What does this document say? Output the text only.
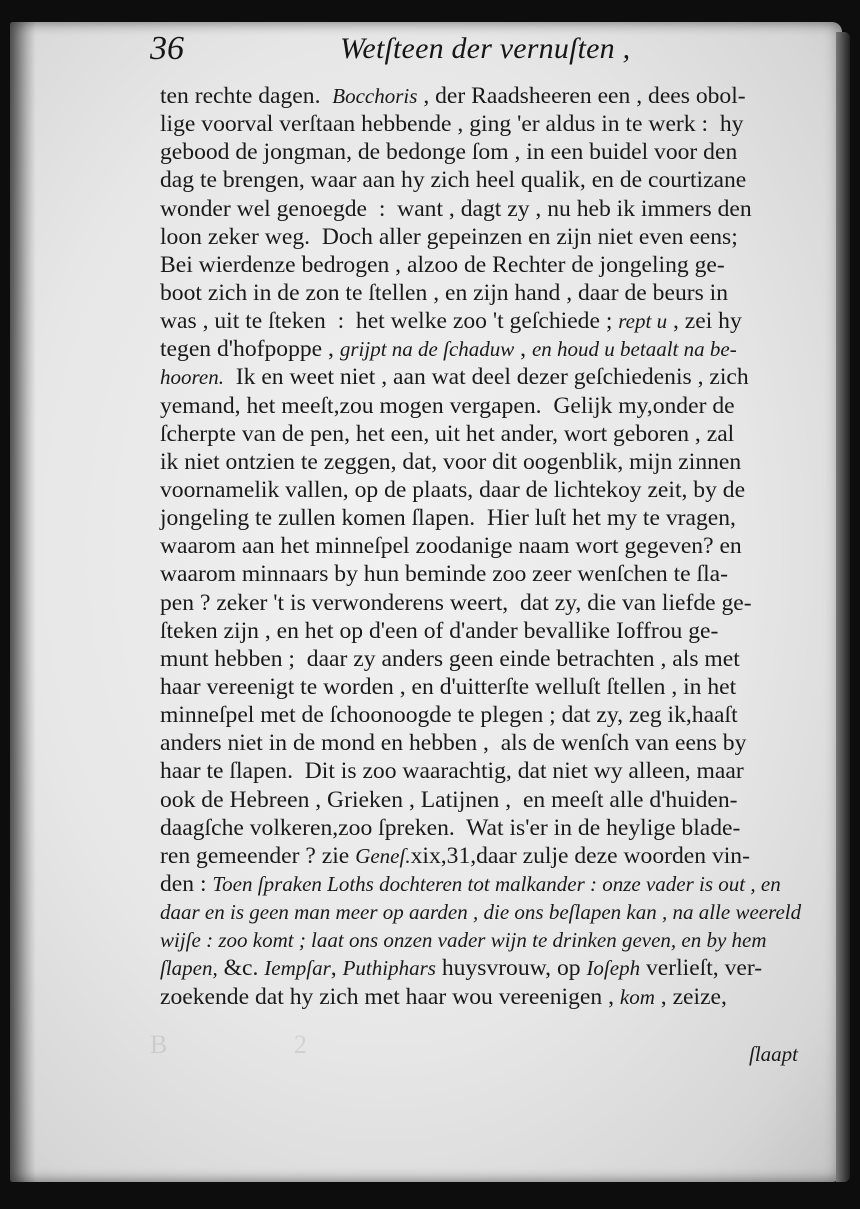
36	Wetſteen der vernuſten ,
ten rechte dagen.  Bocchoris , der Raadsheeren een , dees obol-
lige voorval verſtaan hebbende , ging 'er aldus in te werk :  hy
gebood de jongman, de bedonge ſom , in een buidel voor den
dag te brengen, waar aan hy zich heel qualik, en de courtizane
wonder wel genoegde  :  want , dagt zy , nu heb ik immers den
loon zeker weg.  Doch aller gepeinzen en zijn niet even eens;
Bei wierdenze bedrogen , alzoo de Rechter de jongeling ge-
boot zich in de zon te ſtellen , en zijn hand , daar de beurs in
was , uit te ſteken  :  het welke zoo 't geſchiede ; rept u , zei hy
tegen d'hofpoppe , grijpt na de ſchaduw , en houd u betaalt na be-
hooren.  Ik en weet niet , aan wat deel dezer geſchiedenis , zich
yemand, het meeſt,zou mogen vergapen.  Gelijk my,onder de
ſcherpte van de pen, het een, uit het ander, wort geboren , zal
ik niet ontzien te zeggen, dat, voor dit oogenblik, mijn zinnen
voornamelik vallen, op de plaats, daar de lichtekoy zeit, by de
jongeling te zullen komen ſlapen.  Hier luſt het my te vragen,
waarom aan het minneſpel zoodanige naam wort gegeven? en
waarom minnaars by hun beminde zoo zeer wenſchen te ſla-
pen ? zeker 't is verwonderens weert,  dat zy, die van liefde ge-
ſteken zijn , en het op d'een of d'ander bevallike Ioffrou ge-
munt hebben ;  daar zy anders geen einde betrachten , als met
haar vereenigt te worden , en d'uitterſte welluſt ſtellen , in het
minneſpel met de ſchoonoogde te plegen ; dat zy, zeg ik,haaſt
anders niet in de mond en hebben ,  als de wenſch van eens by
haar te ſlapen.  Dit is zoo waarachtig, dat niet wy alleen, maar
ook de Hebreen , Grieken , Latijnen ,  en meeſt alle d'huiden-
daagſche volkeren,zoo ſpreken.  Wat is'er in de heylige blade-
ren gemeender ? zie Geneſ.xix,31,daar zulje deze woorden vin-
den : Toen ſpraken Loths dochteren tot malkander : onze vader is out , en
daar en is geen man meer op aarden , die ons beſlapen kan , na alle weereld
wijſe : zoo komt ; laat ons onzen vader wijn te drinken geven, en by hem
ſlapen, &c. Iempſar, Puthiphars huysvrouw, op Ioſeph verlieſt, ver-
zoekende dat hy zich met haar wou vereenigen , kom , zeize,
B 2	ſlaapt
